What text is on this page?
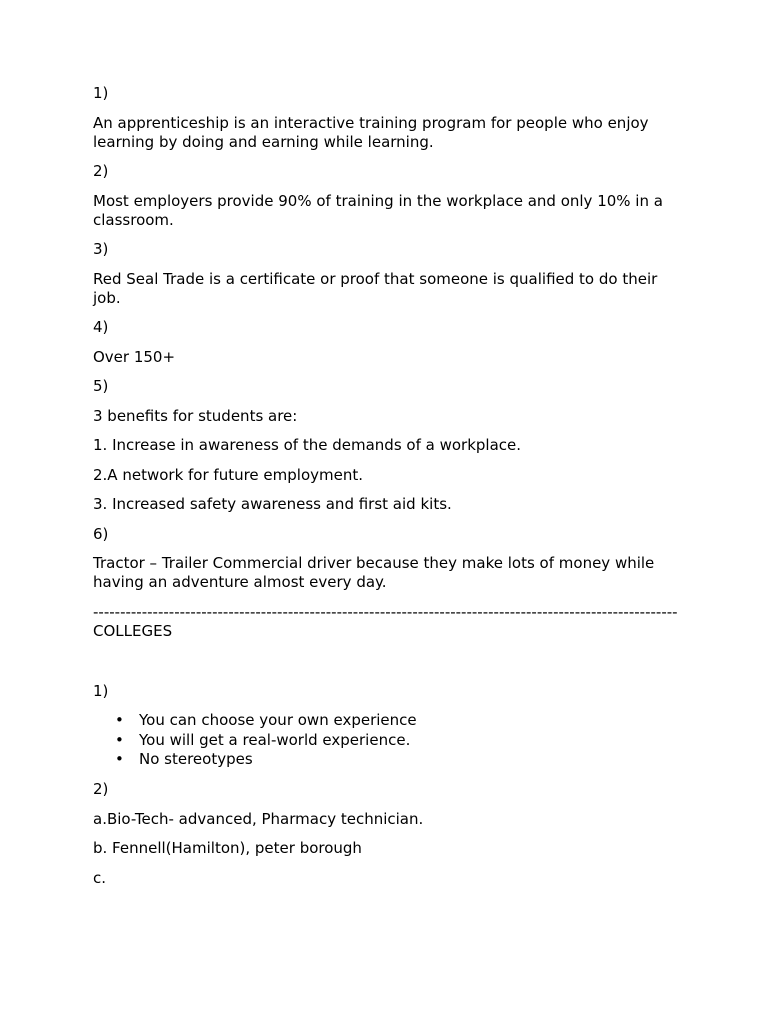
1)

An apprenticeship is an interactive training program for people who enjoy learning by doing and earning while learning.

2)

Most employers provide 90% of training in the workplace and only 10% in a classroom.

3)

Red Seal Trade is a certificate or proof that someone is qualified to do their job.

4)

Over 150+

5)

3 benefits for students are:

1. Increase in awareness of the demands of a workplace.

2.A network for future employment.

3. Increased safety awareness and first aid kits.

6)

Tractor – Trailer Commercial driver because they make lots of money while having an adventure almost every day.

------------------------------------------------------------------------------------------------------------COLLEGES

1)

• You can choose your own experience
• You will get a real-world experience.
• No stereotypes

2)

a.Bio-Tech- advanced, Pharmacy technician.

b. Fennell(Hamilton), peter borough

c.
